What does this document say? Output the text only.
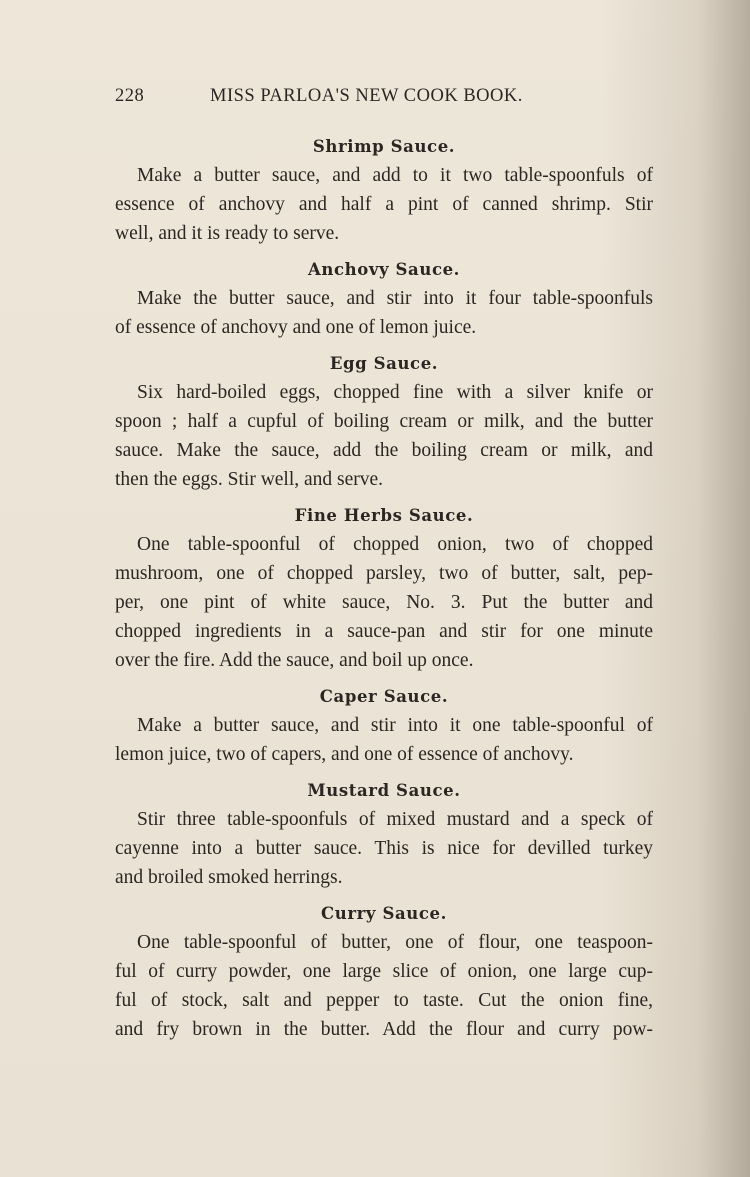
228	MISS PARLOA'S NEW COOK BOOK.
Shrimp Sauce.
Make a butter sauce, and add to it two table-spoonfuls of
essence of anchovy and half a pint of canned shrimp. Stir
well, and it is ready to serve.
Anchovy Sauce.
Make the butter sauce, and stir into it four table-spoonfuls
of essence of anchovy and one of lemon juice.
Egg Sauce.
Six hard-boiled eggs, chopped fine with a silver knife or
spoon ; half a cupful of boiling cream or milk, and the butter
sauce. Make the sauce, add the boiling cream or milk, and
then the eggs. Stir well, and serve.
Fine Herbs Sauce.
One table-spoonful of chopped onion, two of chopped
mushroom, one of chopped parsley, two of butter, salt, pep-
per, one pint of white sauce, No. 3. Put the butter and
chopped ingredients in a sauce-pan and stir for one minute
over the fire. Add the sauce, and boil up once.
Caper Sauce.
Make a butter sauce, and stir into it one table-spoonful of
lemon juice, two of capers, and one of essence of anchovy.
Mustard Sauce.
Stir three table-spoonfuls of mixed mustard and a speck of
cayenne into a butter sauce. This is nice for devilled turkey
and broiled smoked herrings.
Curry Sauce.
One table-spoonful of butter, one of flour, one teaspoon-
ful of curry powder, one large slice of onion, one large cup-
ful of stock, salt and pepper to taste. Cut the onion fine,
and fry brown in the butter. Add the flour and curry pow-
